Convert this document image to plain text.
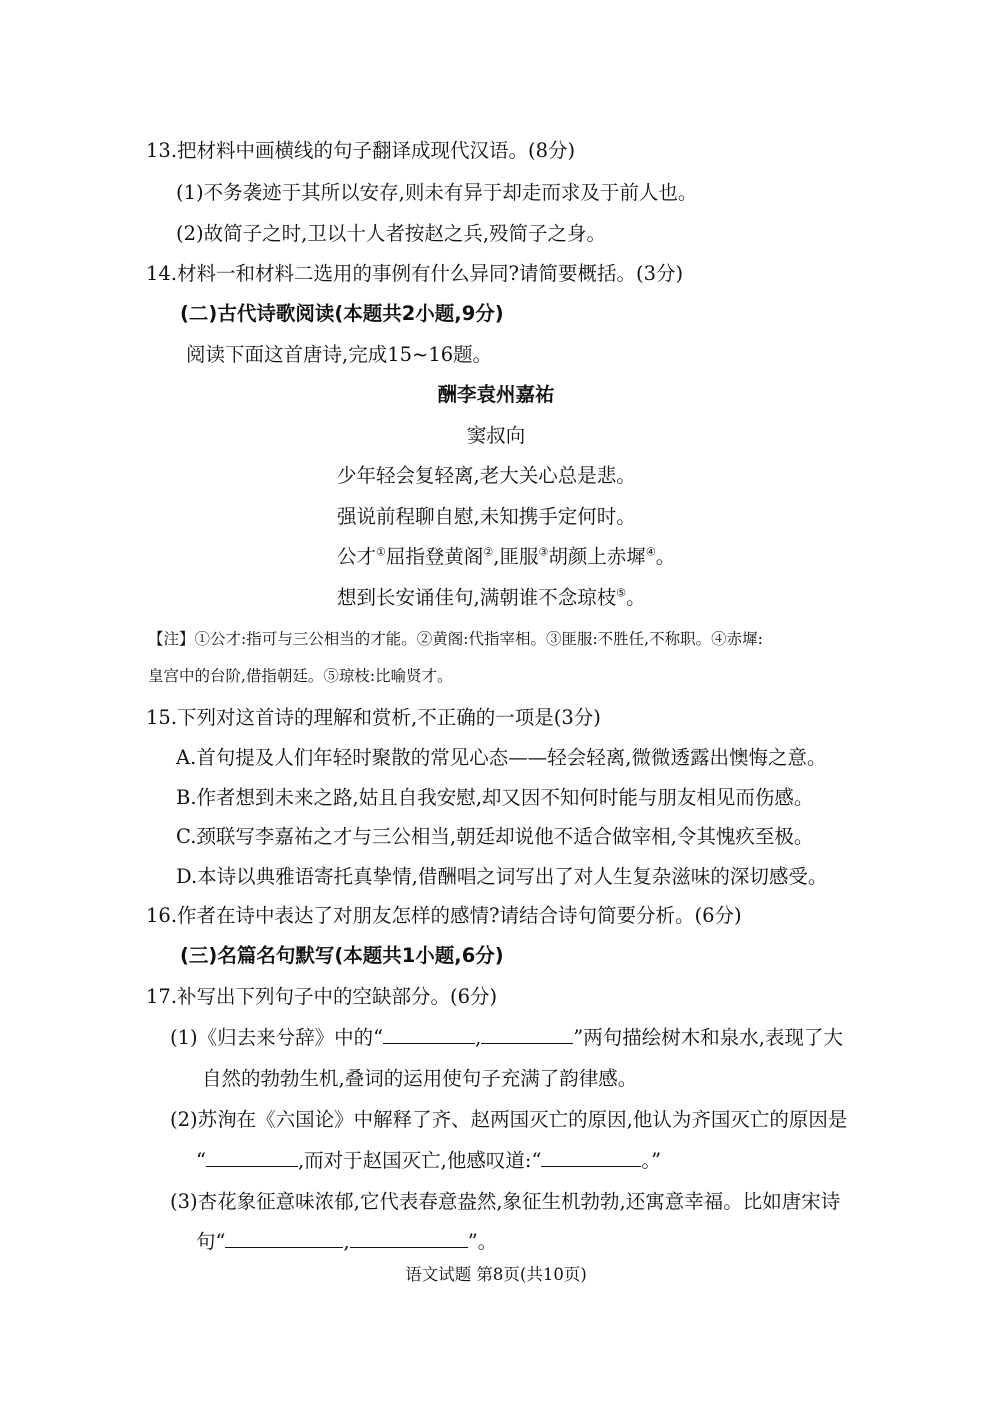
13.把材料中画横线的句子翻译成现代汉语。(8分)
(1)不务袭迹于其所以安存,则未有异于却走而求及于前人也。
(2)故简子之时,卫以十人者按赵之兵,殁简子之身。
14.材料一和材料二选用的事例有什么异同?请简要概括。(3分)
(二)古代诗歌阅读(本题共2小题,9分)
阅读下面这首唐诗,完成15~16题。
酬李袁州嘉祐
窦叔向
少年轻会复轻离,老大关心总是悲。
强说前程聊自慰,未知携手定何时。
公才①屈指登黄阁②,匪服③胡颜上赤墀④。
想到长安诵佳句,满朝谁不念琼枝⑤。
【注】①公才:指可与三公相当的才能。②黄阁:代指宰相。③匪服:不胜任,不称职。④赤墀:
皇宫中的台阶,借指朝廷。⑤琼枝:比喻贤才。
15.下列对这首诗的理解和赏析,不正确的一项是(3分)
A.首句提及人们年轻时聚散的常见心态——轻会轻离,微微透露出懊悔之意。
B.作者想到未来之路,姑且自我安慰,却又因不知何时能与朋友相见而伤感。
C.颈联写李嘉祐之才与三公相当,朝廷却说他不适合做宰相,令其愧疚至极。
D.本诗以典雅语寄托真挚情,借酬唱之词写出了对人生复杂滋味的深切感受。
16.作者在诗中表达了对朋友怎样的感情?请结合诗句简要分析。(6分)
(三)名篇名句默写(本题共1小题,6分)
17.补写出下列句子中的空缺部分。(6分)
(1)《归去来兮辞》中的“	,	”两句描绘树木和泉水,表现了大
自然的勃勃生机,叠词的运用使句子充满了韵律感。
(2)苏洵在《六国论》中解释了齐、赵两国灭亡的原因,他认为齐国灭亡的原因是
“	,而对于赵国灭亡,他感叹道:“	。”
(3)杏花象征意味浓郁,它代表春意盎然,象征生机勃勃,还寓意幸福。比如唐宋诗
句“	,	”。
语文试题 第8页(共10页)
